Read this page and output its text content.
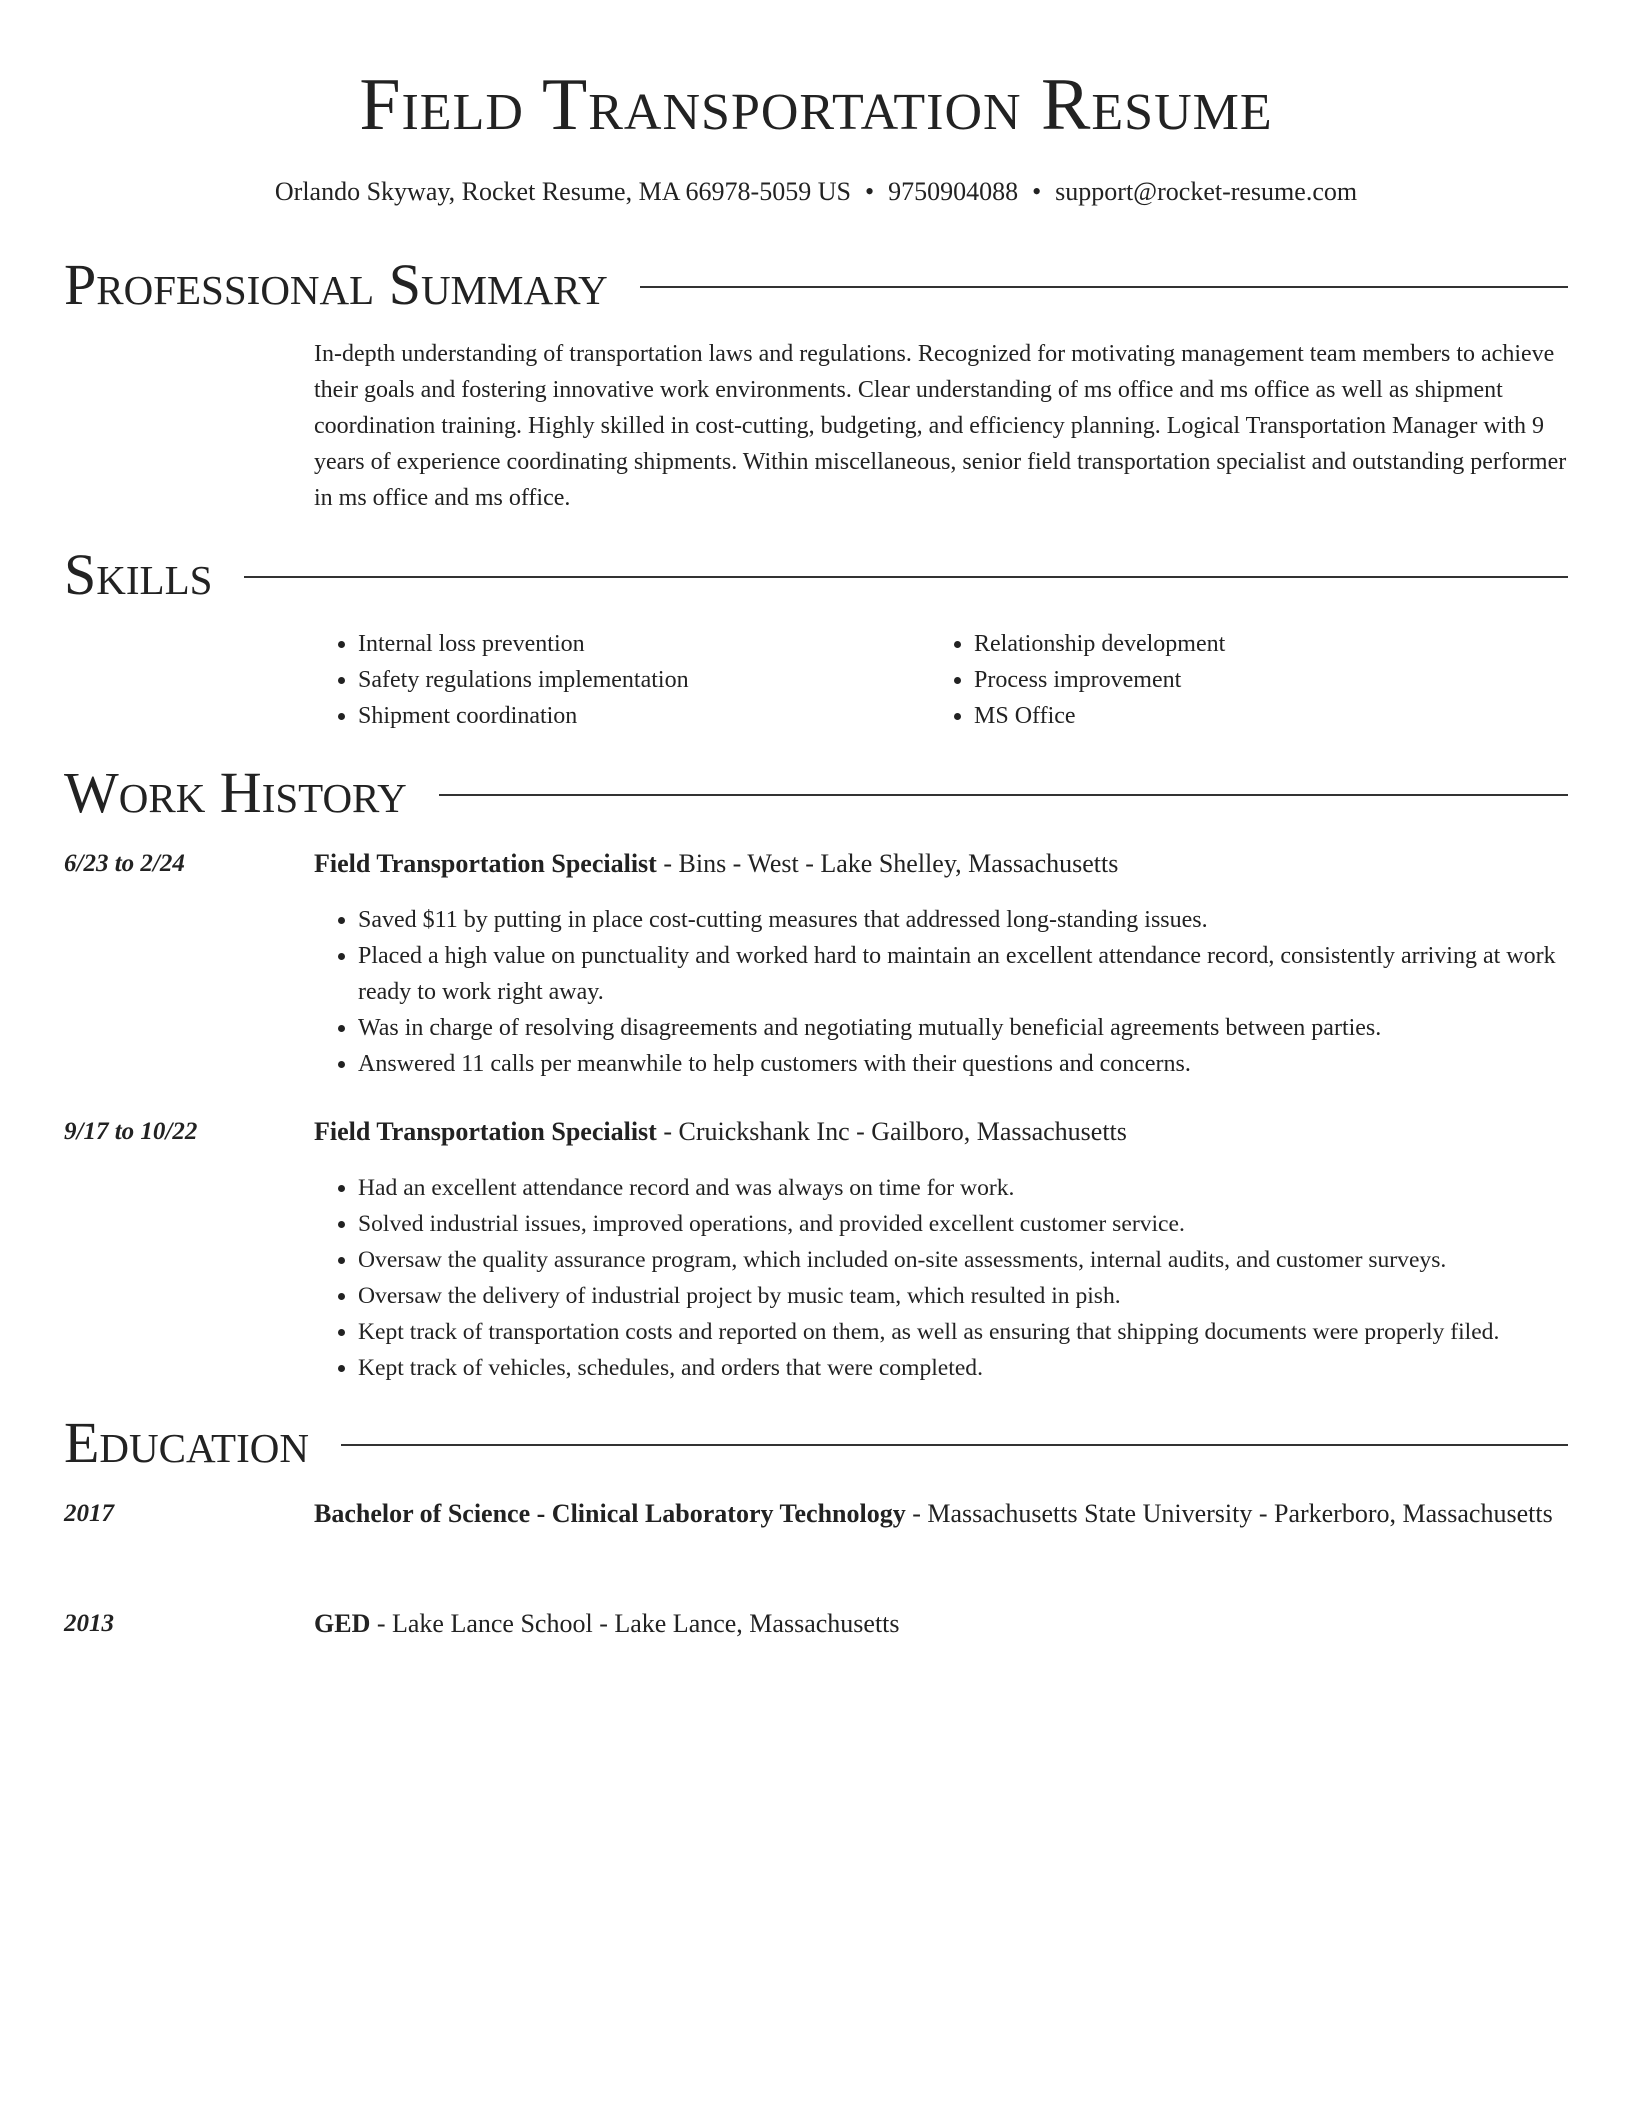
Field Transportation Resume
Orlando Skyway, Rocket Resume, MA 66978-5059 US • 9750904088 • support@rocket-resume.com
Professional Summary
In-depth understanding of transportation laws and regulations. Recognized for motivating management team members to achieve their goals and fostering innovative work environments. Clear understanding of ms office and ms office as well as shipment coordination training. Highly skilled in cost-cutting, budgeting, and efficiency planning. Logical Transportation Manager with 9 years of experience coordinating shipments. Within miscellaneous, senior field transportation specialist and outstanding performer in ms office and ms office.
Skills
• Internal loss prevention
• Safety regulations implementation
• Shipment coordination
• Relationship development
• Process improvement
• MS Office
Work History
6/23 to 2/24	Field Transportation Specialist - Bins - West - Lake Shelley, Massachusetts
• Saved $11 by putting in place cost-cutting measures that addressed long-standing issues.
• Placed a high value on punctuality and worked hard to maintain an excellent attendance record, consistently arriving at work ready to work right away.
• Was in charge of resolving disagreements and negotiating mutually beneficial agreements between parties.
• Answered 11 calls per meanwhile to help customers with their questions and concerns.
9/17 to 10/22	Field Transportation Specialist - Cruickshank Inc - Gailboro, Massachusetts
• Had an excellent attendance record and was always on time for work.
• Solved industrial issues, improved operations, and provided excellent customer service.
• Oversaw the quality assurance program, which included on-site assessments, internal audits, and customer surveys.
• Oversaw the delivery of industrial project by music team, which resulted in pish.
• Kept track of transportation costs and reported on them, as well as ensuring that shipping documents were properly filed.
• Kept track of vehicles, schedules, and orders that were completed.
Education
2017	Bachelor of Science - Clinical Laboratory Technology - Massachusetts State University - Parkerboro, Massachusetts
2013	GED - Lake Lance School - Lake Lance, Massachusetts
